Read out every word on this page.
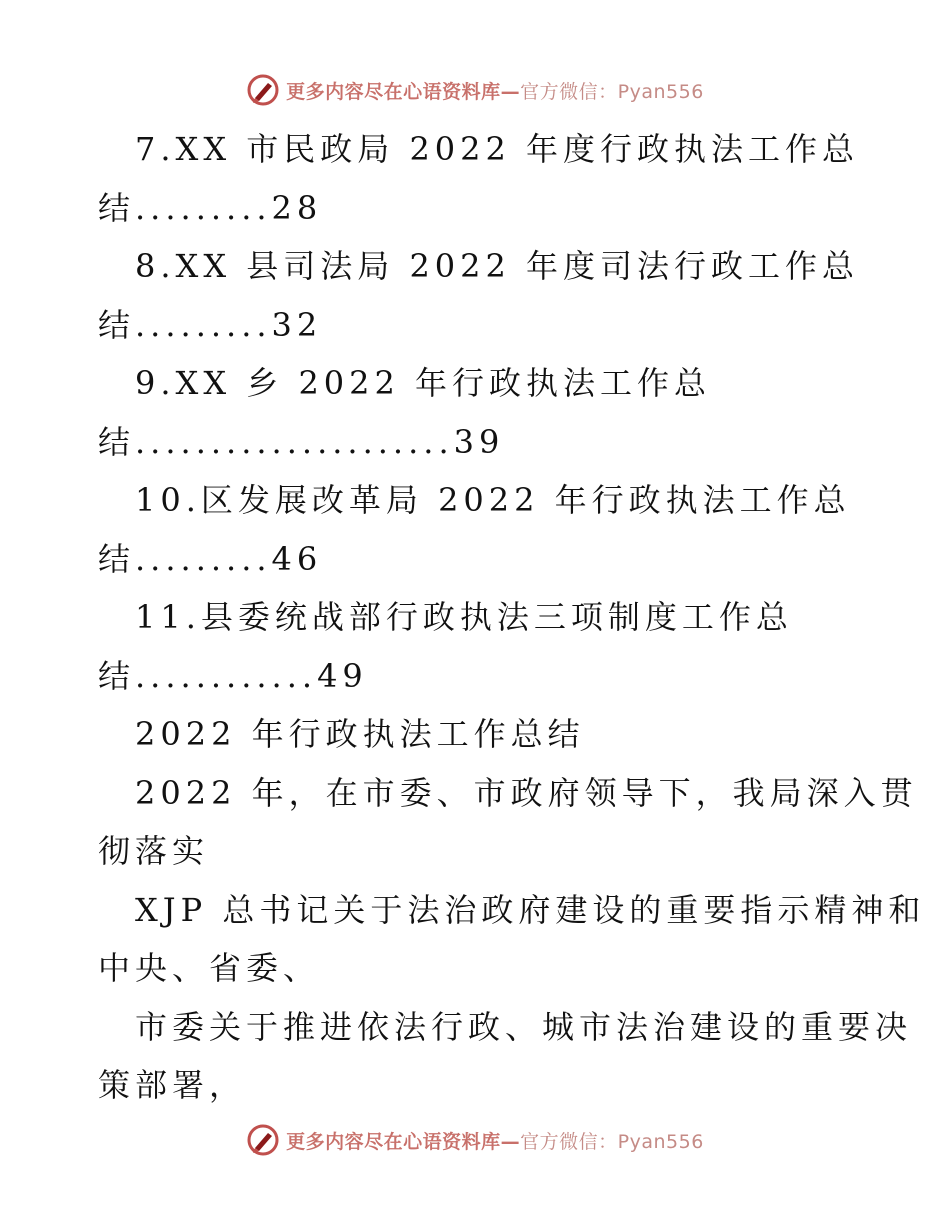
更多内容尽在心语资料库—官方微信：Pyan556
7.XX 市民政局 2022 年度行政执法工作总
结.........28
8.XX 县司法局 2022 年度司法行政工作总
结.........32
9.XX 乡 2022 年行政执法工作总
结.....................39
10.区发展改革局 2022 年行政执法工作总
结.........46
11.县委统战部行政执法三项制度工作总
结............49
2022 年行政执法工作总结
2022 年，在市委、市政府领导下，我局深入贯
彻落实
XJP 总书记关于法治政府建设的重要指示精神和
中央、省委、
市委关于推进依法行政、城市法治建设的重要决
策部署，
更多内容尽在心语资料库—官方微信：Pyan556
